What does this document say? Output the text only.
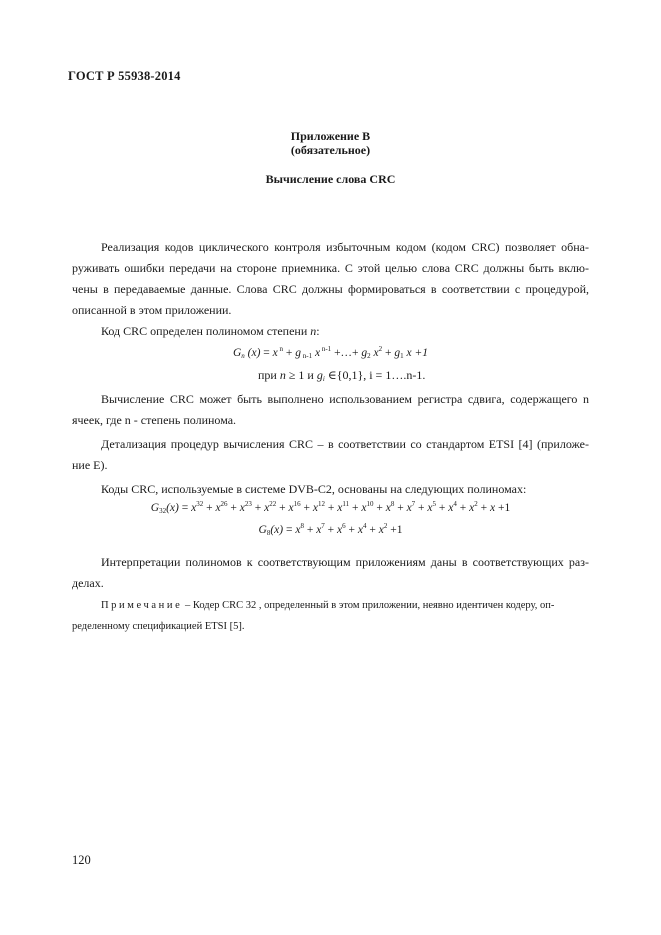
ГОСТ Р 55938-2014
Приложение В
(обязательное)
Вычисление слова CRC
Реализация кодов циклического контроля избыточным кодом (кодом CRC) позволяет обна-
руживать ошибки передачи на стороне приемника. С этой целью слова CRC должны быть вклю-
чены в передаваемые данные. Слова CRC должны формироваться в соответствии с процедурой,
описанной в этом приложении.
Код CRC определен полиномом степени n:
$G_n$ (x) = x $^n$ + g $_{n-1}$ x $^{n-1}$ +…+ $g_2$ $x^2 + g_1$ x +1
при n ≥ 1 и $g_i$ ∈{0,1}, i = 1….n-1.
Вычисление CRC может быть выполнено использованием регистра сдвига, содержащего n
ячеек, где n - степень полинома.
Детализация процедур вычисления CRC – в соответствии со стандартом ETSI [4] (приложе-
ние Е).
Коды CRC, используемые в системе DVB-C2, основаны на следующих полиномах:
$G_{32}(x) = x^{32} + x^{26} + x^{23} + x^{22} + x^{16} + x^{12} + x^{11} + x^{10} + x^8 + x^7 + x^5 + x^4 + x^2 + x +1$
$G_8(x) = x^8 + x^7 + x^6 + x^4 + x^2 +1$
Интерпретации полиномов к соответствующим приложениям даны в соответствующих раз-
делах.
Примечание – Кодер CRC 32 , определенный в этом приложении, неявно идентичен кодеру, оп-
ределенному спецификацией ETSI [5].
120
